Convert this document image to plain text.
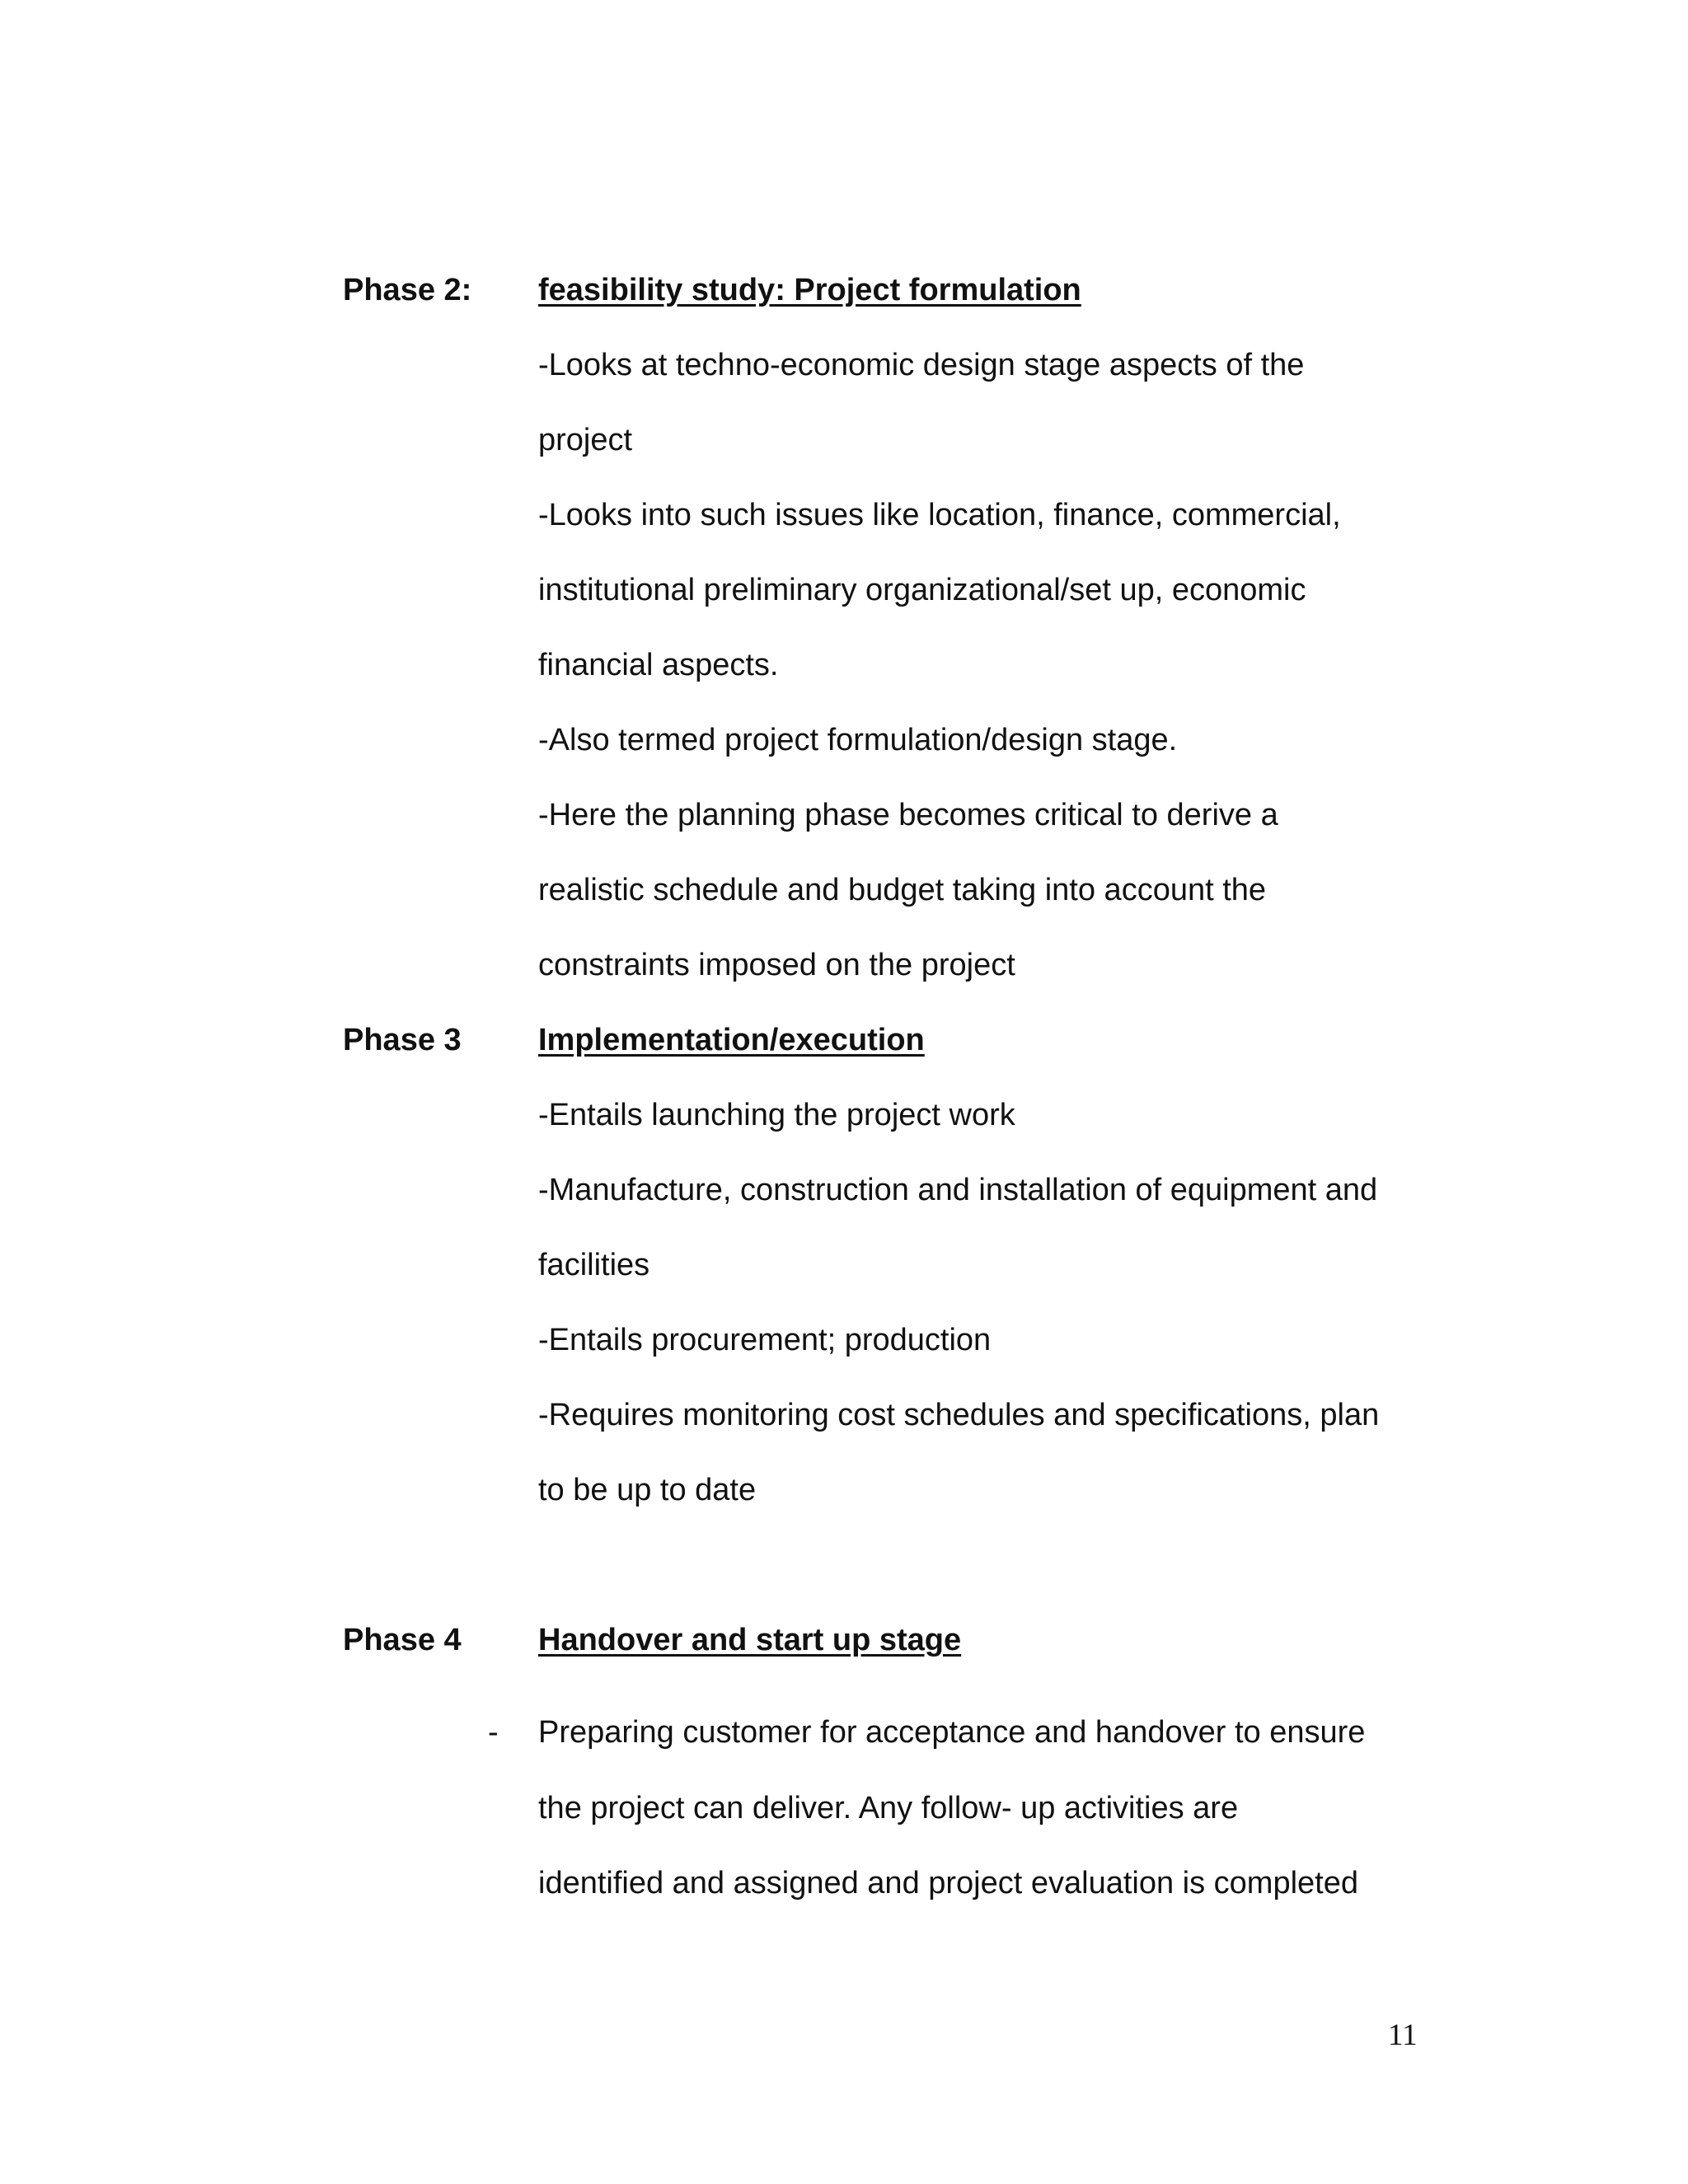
Phase 2: feasibility study: Project formulation
-Looks at techno-economic design stage aspects of the
project
-Looks into such issues like location, finance, commercial,
institutional preliminary organizational/set up, economic
financial aspects.
-Also termed project formulation/design stage.
-Here the planning phase becomes critical to derive a
realistic schedule and budget taking into account the
constraints imposed on the project
Phase 3 Implementation/execution
-Entails launching the project work
-Manufacture, construction and installation of equipment and
facilities
-Entails procurement; production
-Requires monitoring cost schedules and specifications, plan
to be up to date
Phase 4 Handover and start up stage
- Preparing customer for acceptance and handover to ensure
the project can deliver. Any follow- up activities are
identified and assigned and project evaluation is completed
11
